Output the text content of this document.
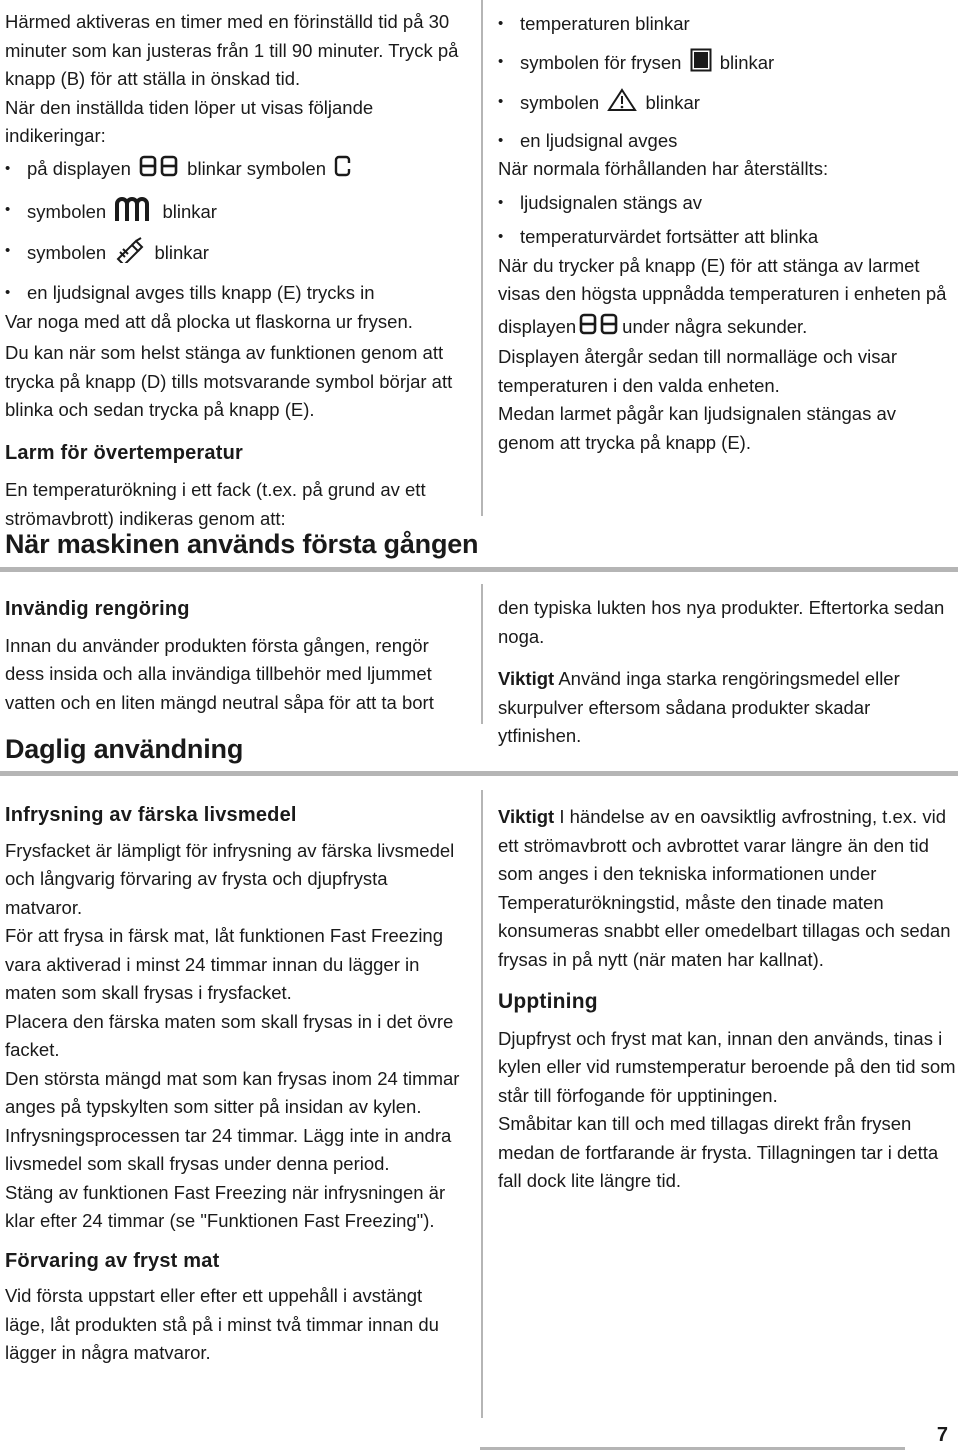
Härmed aktiveras en timer med en förinställd tid på 30 minuter som kan justeras från 1 till 90 minuter. Tryck på knapp (B) för att ställa in önskad tid.

När den inställda tiden löper ut visas följande indikeringar:

• på displayen	blinkar symbolen
• symbolen	blinkar
• symbolen	blinkar
• en ljudsignal avges tills knapp (E) trycks in

Var noga med att då plocka ut flaskorna ur frysen.

Du kan när som helst stänga av funktionen genom att trycka på knapp (D) tills motsvarande symbol börjar att blinka och sedan trycka på knapp (E).

Larm för övertemperatur

En temperaturökning i ett fack (t.ex. på grund av ett strömavbrott) indikeras genom att:

• temperaturen blinkar
• symbolen för frysen blinkar
• symbolen	blinkar
• en ljudsignal avges

När normala förhållanden har återställts:

• ljudsignalen stängs av
• temperaturvärdet fortsätter att blinka

När du trycker på knapp (E) för att stänga av larmet visas den högsta uppnådda temperaturen i enheten på

displayen under några sekunder.

Displayen återgår sedan till normalläge och visar temperaturen i den valda enheten.

Medan larmet pågår kan ljudsignalen stängas av genom att trycka på knapp (E).

När maskinen används första gången

Invändig rengöring

Innan du använder produkten första gången, rengör dess insida och alla invändiga tillbehör med ljummet vatten och en liten mängd neutral såpa för att ta bort

den typiska lukten hos nya produkter. Eftertorka sedan noga.

Viktigt Använd inga starka rengöringsmedel eller skurpulver eftersom sådana produkter skadar ytfinishen.

Daglig användning

Infrysning av färska livsmedel

Frysfacket är lämpligt för infrysning av färska livsmedel och långvarig förvaring av frysta och djupfrysta matvaror.

För att frysa in färsk mat, låt funktionen Fast Freezing vara aktiverad i minst 24 timmar innan du lägger in maten som skall frysas i frysfacket.

Placera den färska maten som skall frysas in i det övre facket.

Den största mängd mat som kan frysas inom 24 timmar anges på typskylten som sitter på insidan av kylen.

Infrysningsprocessen tar 24 timmar. Lägg inte in andra livsmedel som skall frysas under denna period.

Stäng av funktionen Fast Freezing när infrysningen är klar efter 24 timmar (se "Funktionen Fast Freezing").

Förvaring av fryst mat

Vid första uppstart eller efter ett uppehåll i avstängt läge, låt produkten stå på i minst två timmar innan du lägger in några matvaror.

Viktigt I händelse av en oavsiktlig avfrostning, t.ex. vid ett strömavbrott och avbrottet varar längre än den tid som anges i den tekniska informationen under Temperaturökningstid, måste den tinade maten konsumeras snabbt eller omedelbart tillagas och sedan frysas in på nytt (när maten har kallnat).

Upptining

Djupfryst och fryst mat kan, innan den används, tinas i kylen eller vid rumstemperatur beroende på den tid som står till förfogande för upptiningen.

Småbitar kan till och med tillagas direkt från frysen medan de fortfarande är frysta. Tillagningen tar i detta fall dock lite längre tid.

7
